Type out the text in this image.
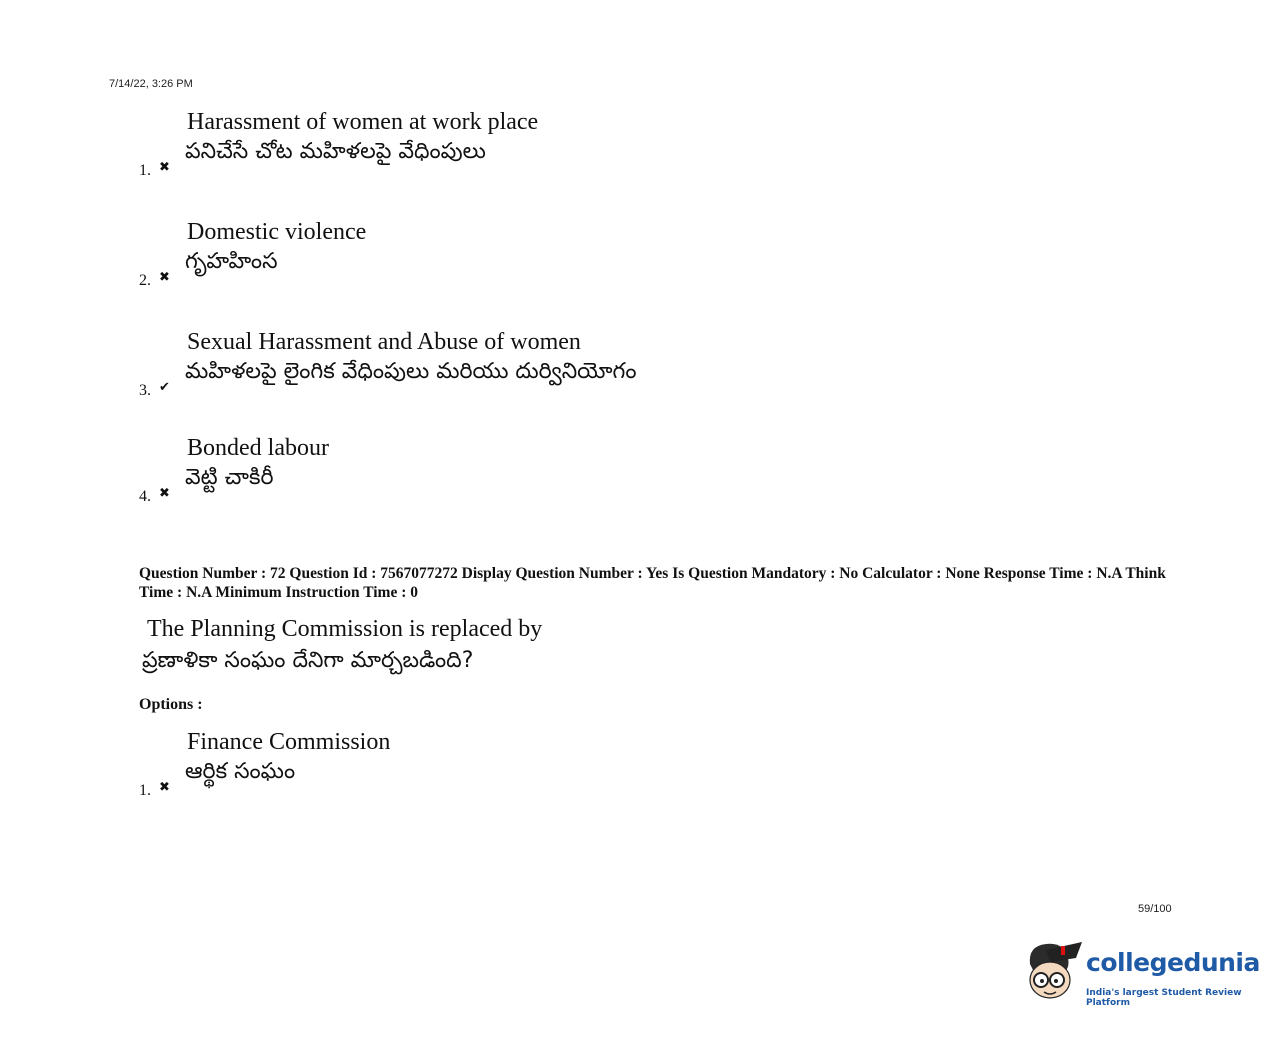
7/14/22, 3:26 PM
Harassment of women at work place
పనిచేసే చోట మహిళలపై వేధింపులు
1. ✖
Domestic violence
గృహహింస
2. ✖
Sexual Harassment and Abuse of women
మహిళలపై లైంగిక వేధింపులు మరియు దుర్వినియోగం
3. ✔
Bonded labour
వెట్టి చాకిరీ
4. ✖
Question Number : 72 Question Id : 7567077272 Display Question Number : Yes Is Question Mandatory : No Calculator : None Response Time : N.A Think Time : N.A Minimum Instruction Time : 0
The Planning Commission is replaced by
ప్రణాళికా సంఘం దేనిగా మార్చబడింది?
Options :
Finance Commission
ఆర్థిక సంఘం
1. ✖
59/100
collegedunia
India's largest Student Review Platform
